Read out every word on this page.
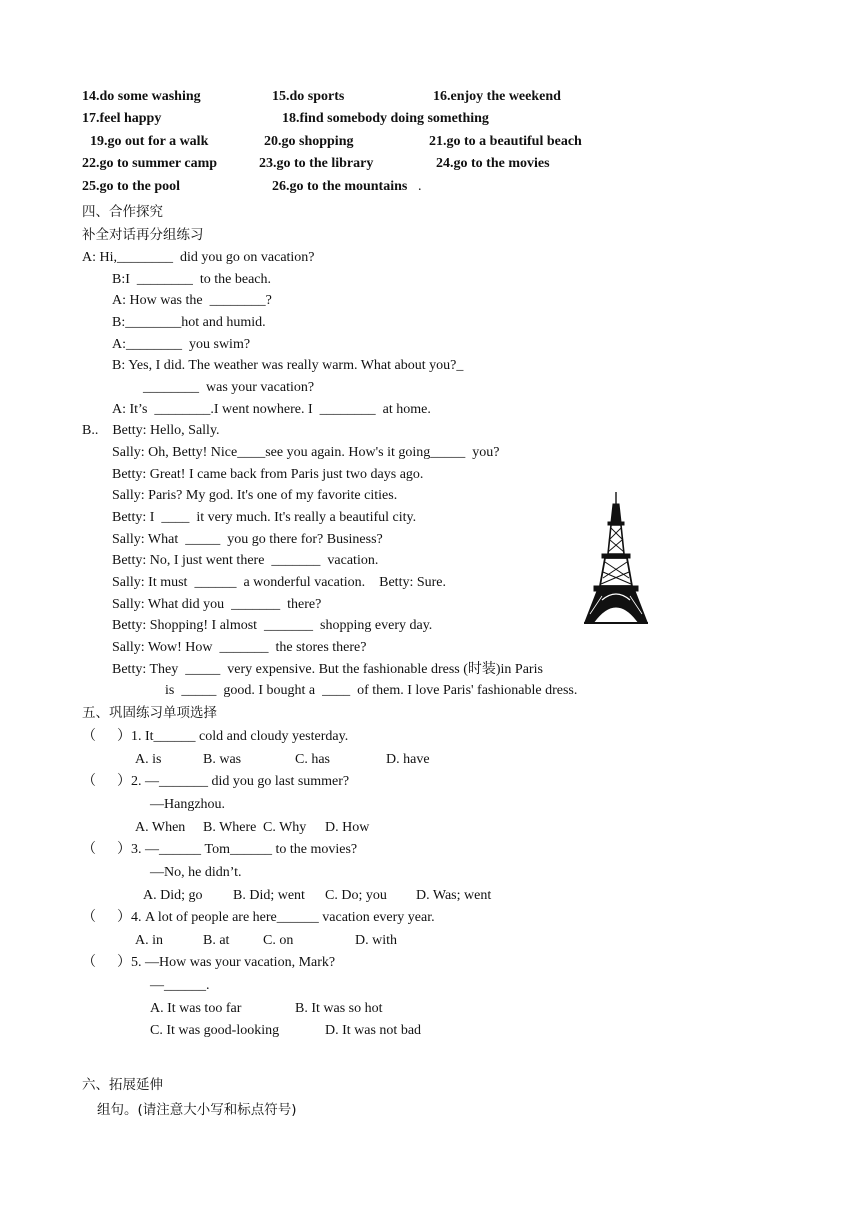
14.do some washing	15.do sports	16.enjoy the weekend
17.feel happy	18.find somebody doing something
19.go out for a walk	20.go shopping	21.go to a beautiful beach
22.go to summer camp	23.go to the library	24.go to the movies
25.go to the pool	26.go to the mountains .
四、合作探究
补全对话再分组练习
A: Hi,________  did you go on vacation?
B:I  ________  to the beach.
A: How was the  ________?
B:________hot and humid.
A:________  you swim?
B: Yes, I did. The weather was really warm. What about you?_
________  was your vacation?
A: It’s  ________.I went nowhere. I  ________  at home.
B..    Betty: Hello, Sally.
Sally: Oh, Betty! Nice____see you again. How's it going_____  you?
Betty: Great! I came back from Paris just two days ago.
Sally: Paris? My god. It's one of my favorite cities.
Betty: I  ____  it very much. It's really a beautiful city.
Sally: What  _____  you go there for? Business?
Betty: No, I just went there  _______  vacation.
Sally: It must  ______  a wonderful vacation.    Betty: Sure.
Sally: What did you  _______  there?
Betty: Shopping! I almost  _______  shopping every day.
Sally: Wow! How  _______  the stores there?
Betty: They  _____  very expensive. But the fashionable dress (时装)in Paris
is  _____  good. I bought a  ____  of them. I love Paris' fashionable dress.
五、巩固练习单项选择
（      ）1. It______ cold and cloudy yesterday.
A. is	B. was	C. has	D. have
（      ）2. —_______ did you go last summer?
—Hangzhou.
A. When B. Where C. Why D. How
（      ）3. —______ Tom______ to the movies?
—No, he didn’t.
A. Did; go B. Did; went C. Do; you D. Was; went
（      ）4. A lot of people are here______ vacation every year.
A. in	B. at C. on	D. with
（      ）5. —How was your vacation, Mark?
—______.
A. It was too far	B. It was so hot
C. It was good-looking	D. It was not bad
六、拓展延伸
组句。(请注意大小写和标点符号)
